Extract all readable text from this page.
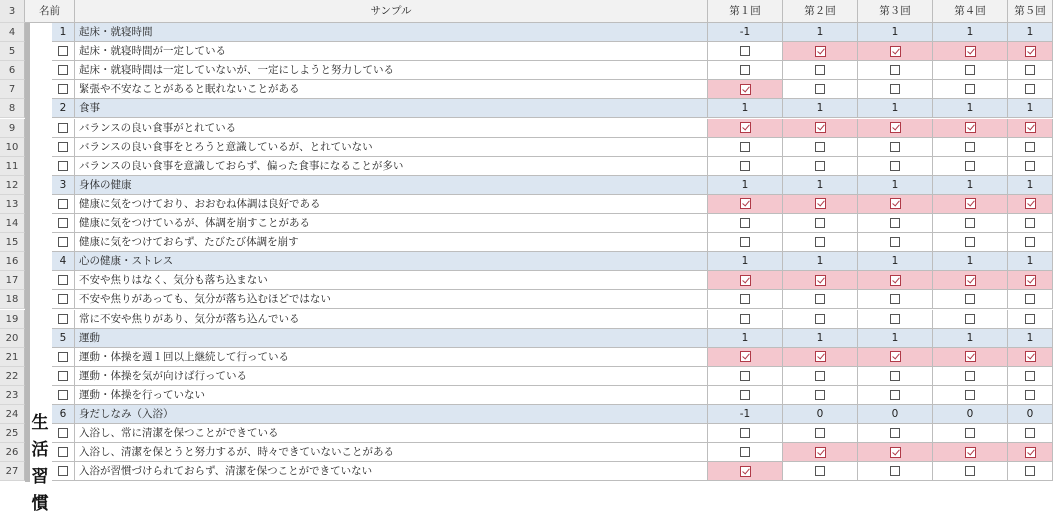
3	名前	サンプル	第１回	第２回	第３回	第４回	第５回
生
活
習
慣
4	1	起床・就寝時間	-1	1	1	1	1
5	起床・就寝時間が一定している
6	起床・就寝時間は一定していないが、一定にしようと努力している
7	緊張や不安なことがあると眠れないことがある
8	2	食事	1	1	1	1	1
9	バランスの良い食事がとれている
10	バランスの良い食事をとろうと意識しているが、とれていない
11	バランスの良い食事を意識しておらず、偏った食事になることが多い
12	3	身体の健康	1	1	1	1	1
13	健康に気をつけており、おおむね体調は良好である
14	健康に気をつけているが、体調を崩すことがある
15	健康に気をつけておらず、たびたび体調を崩す
16	4	心の健康・ストレス	1	1	1	1	1
17	不安や焦りはなく、気分も落ち込まない
18	不安や焦りがあっても、気分が落ち込むほどではない
19	常に不安や焦りがあり、気分が落ち込んでいる
20	5	運動	1	1	1	1	1
21	運動・体操を週１回以上継続して行っている
22	運動・体操を気が向けば行っている
23	運動・体操を行っていない
24	6	身だしなみ（入浴）	-1	0	0	0	0
25	入浴し、常に清潔を保つことができている
26	入浴し、清潔を保とうと努力するが、時々できていないことがある
27	入浴が習慣づけられておらず、清潔を保つことができていない
